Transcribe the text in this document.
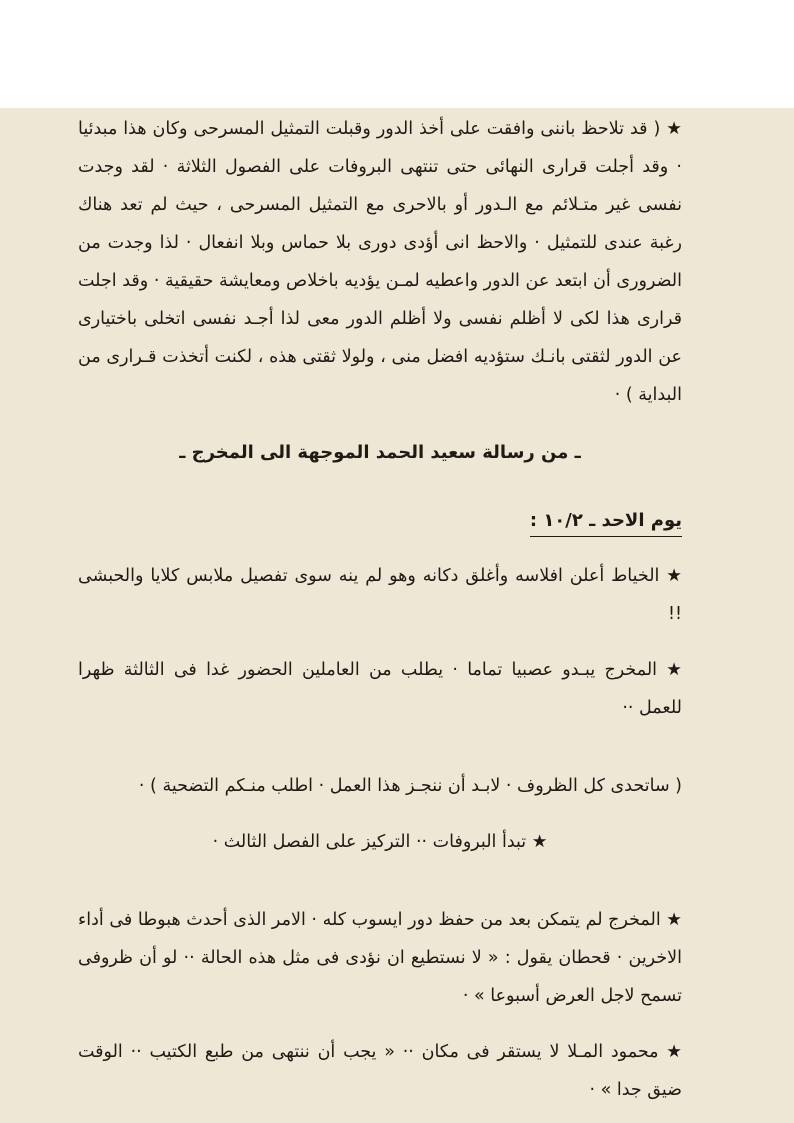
★ ( قد تلاحظ باننى وافقت على أخذ الدور وقبلت التمثيل المسرحى وكان هذا مبدئيا · وقد أجلت قرارى النهائى حتى تنتهى البروفات على الفصول الثلاثة · لقد وجدت نفسى غير متـلائم مع الـدور أو بالاحرى مع التمثيل المسرحى ، حيث لم تعد هناك رغبة عندى للتمثيل · والاحظ انى أؤدى دورى بلا حماس وبلا انفعال · لذا وجدت من الضرورى أن ابتعد عن الدور واعطيه لمـن يؤديه باخلاص ومعايشة حقيقية · وقد اجلت قرارى هذا لكى لا أظلم نفسى ولا أظلم الدور معى لذا أجـد نفسى اتخلى باختيارى عن الدور لثقتى بانـك ستؤديه افضل منى ، ولولا ثقتى هذه ، لكنت أتخذت قـرارى من البداية ) ·

ـ من رسالة سعيد الحمد الموجهة الى المخرج ـ

يوم الاحد ـ ١٠/٢ :

★ الخياط أعلن افلاسه وأغلق دكانه وهو لم ينه سوى تفصيل ملابس كلايا والحبشى !!

★ المخرج يبـدو عصبيا تماما · يطلب من العاملين الحضور غدا فى الثالثة ظهرا للعمل ··

( ساتحدى كل الظروف · لابـد أن ننجـز هذا العمل · اطلب منـكم التضحية ) ·

★ تبدأ البروفات ·· التركيز على الفصل الثالث ·

★ المخرج لم يتمكن بعد من حفظ دور ايسوب كله · الامر الذى أحدث هبوطا فى أداء الاخرين · قحطان يقول : « لا نستطيع ان نؤدى فى مثل هذه الحالة ·· لو أن ظروفى تسمح لاجل العرض أسبوعا » ·

★ محمود المـلا لا يستقر فى مكان ·· « يجب أن ننتهى من طبع الكتيب ·· الوقت ضيق جدا » ·
